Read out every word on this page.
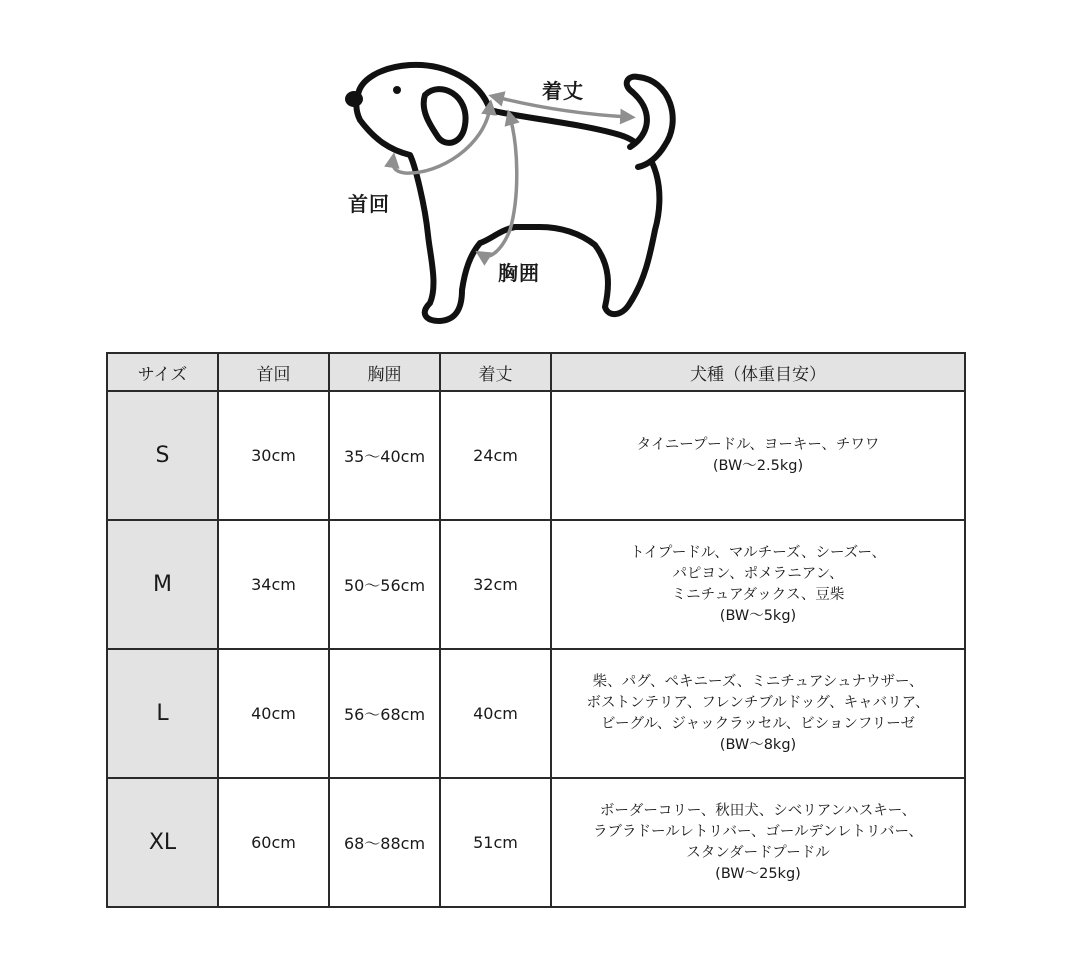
着丈
首回
胸囲
サイズ	首回	胸囲	着丈	犬種（体重目安）
S	30cm	35～40cm	24cm	タイニープードル、ヨーキー、チワワ
(BW～2.5kg)

M	34cm	50～56cm	32cm	トイプードル、マルチーズ、シーズー、
パピヨン、ポメラニアン、
ミニチュアダックス、豆柴
(BW～5kg)

L	40cm	56～68cm	40cm	柴、パグ、ペキニーズ、ミニチュアシュナウザー、
ボストンテリア、フレンチブルドッグ、キャバリア、
ビーグル、ジャックラッセル、ビションフリーゼ
(BW～8kg)

XL	60cm	68～88cm	51cm	ボーダーコリー、秋田犬、シベリアンハスキー、
ラブラドールレトリバー、ゴールデンレトリバー、
スタンダードプードル
(BW～25kg)
